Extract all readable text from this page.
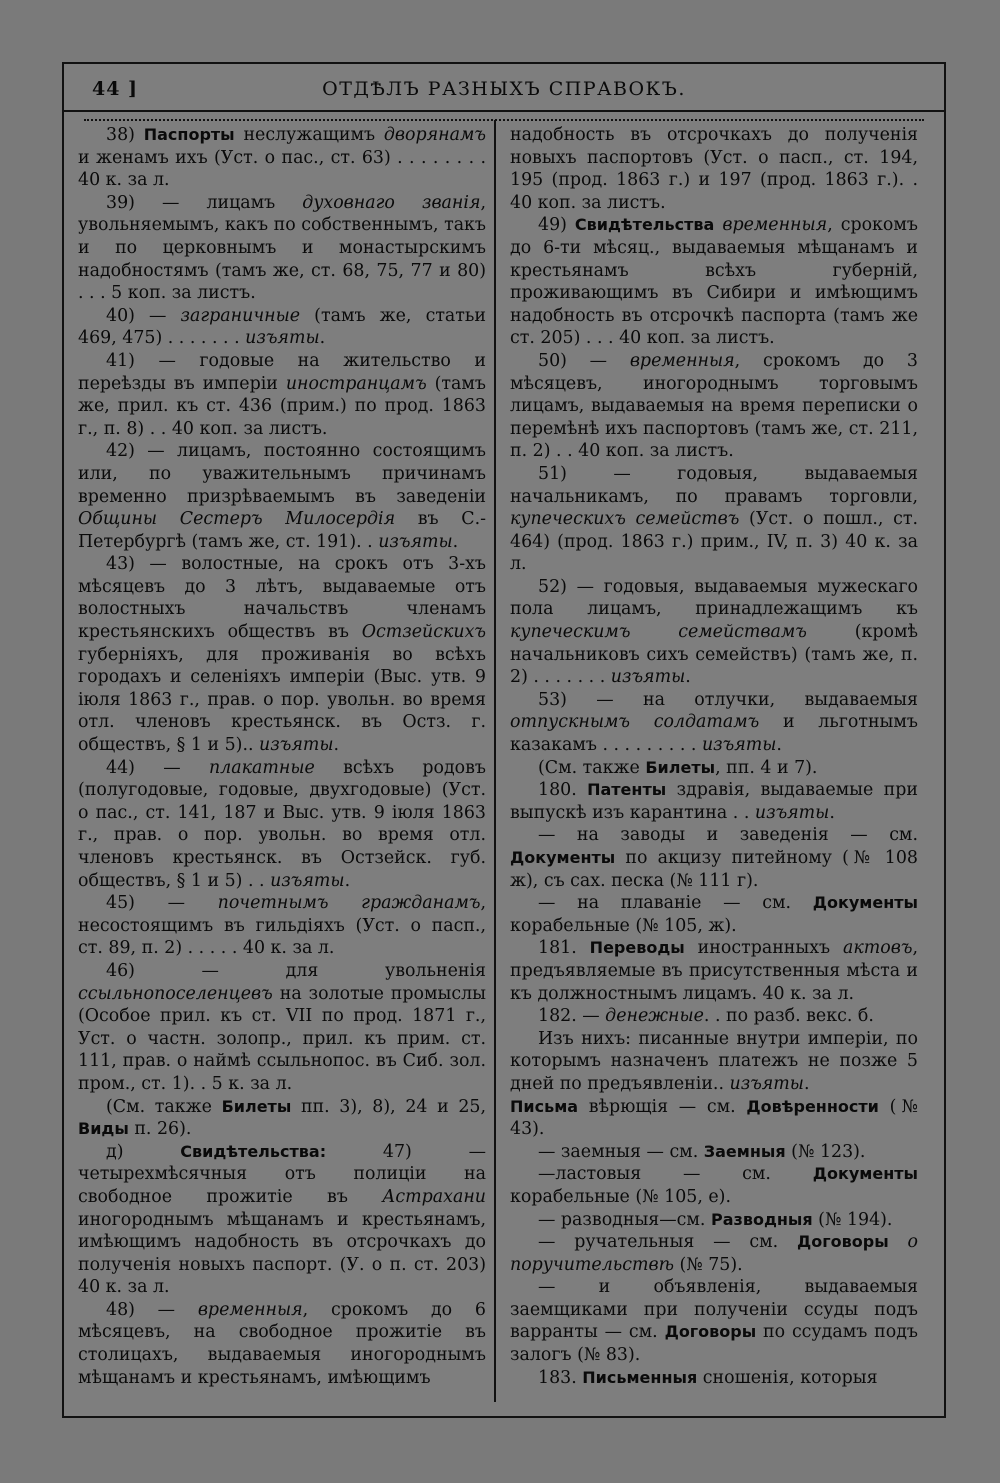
44 ]	ОТДѢЛЪ РАЗНЫХЪ СПРАВОКЪ.

38) Паспорты неслужащимъ дворянамъ и женамъ ихъ (Уст. о пас., ст. 63) . . . . . . . . 40 к. за л.

39) — лицамъ духовнаго званія, увольняемымъ, какъ по собственнымъ, такъ и по церковнымъ и монастырскимъ надобностямъ (тамъ же, ст. 68, 75, 77 и 80) . . . 5 коп. за листъ.

40) — заграничные (тамъ же, статьи 469, 475) . . . . . . . изъяты.

41) — годовые на жительство и переѣзды въ имперіи иностранцамъ (тамъ же, прил. къ ст. 436 (прим.) по прод. 1863 г., п. 8) . . 40 коп. за листъ.

42) — лицамъ, постоянно состоящимъ или, по уважительнымъ причинамъ временно призрѣваемымъ въ заведеніи Общины Сестеръ Милосердія въ С.-Петербургѣ (тамъ же, ст. 191). . изъяты.

43) — волостные, на срокъ отъ 3-хъ мѣсяцевъ до 3 лѣтъ, выдаваемые отъ волостныхъ начальствъ членамъ крестьянскихъ обществъ въ Остзейскихъ губерніяхъ, для проживанія во всѣхъ городахъ и селеніяхъ имперіи (Выс. утв. 9 іюля 1863 г., прав. о пор. увольн. во время отл. членовъ крестьянск. въ Остз. г. обществъ, § 1 и 5).. изъяты.

44) — плакатные всѣхъ родовъ (полугодовые, годовые, двухгодовые) (Уст. о пас., ст. 141, 187 и Выс. утв. 9 іюля 1863 г., прав. о пор. увольн. во время отл. членовъ крестьянск. въ Остзейск. губ. обществъ, § 1 и 5) . . изъяты.

45) — почетнымъ гражданамъ, несостоящимъ въ гильдіяхъ (Уст. о пасп., ст. 89, п. 2) . . . . . 40 к. за л.

46) — для увольненія ссыльнопоселенцевъ на золотые промыслы (Особое прил. къ ст. VII по прод. 1871 г., Уст. о частн. золопр., прил. къ прим. ст. 111, прав. о наймѣ ссыльнопос. въ Сиб. зол. пром., ст. 1). . 5 к. за л.

(См. также Билеты пп. 3), 8), 24 и 25, Виды п. 26).

д) Свидѣтельства: 47) — четырехмѣсячныя отъ полиціи на свободное прожитіе въ Астрахани иногороднымъ мѣщанамъ и крестьянамъ, имѣющимъ надобность въ отсрочкахъ до полученія новыхъ паспорт. (У. о п. ст. 203) 40 к. за л.

48) — временныя, срокомъ до 6 мѣсяцевъ, на свободное прожитіе въ столицахъ, выдаваемыя иногороднымъ мѣщанамъ и крестьянамъ, имѣющимъ

надобность въ отсрочкахъ до полученія новыхъ паспортовъ (Уст. о пасп., ст. 194, 195 (прод. 1863 г.) и 197 (прод. 1863 г.). . 40 коп. за листъ.

49) Свидѣтельства временныя, срокомъ до 6-ти мѣсяц., выдаваемыя мѣщанамъ и крестьянамъ всѣхъ губерній, проживающимъ въ Сибири и имѣющимъ надобность въ отсрочкѣ паспорта (тамъ же ст. 205) . . . 40 коп. за листъ.

50) — временныя, срокомъ до 3 мѣсяцевъ, иногороднымъ торговымъ лицамъ, выдаваемыя на время переписки о перемѣнѣ ихъ паспортовъ (тамъ же, ст. 211, п. 2) . . 40 коп. за листъ.

51) — годовыя, выдаваемыя начальникамъ, по правамъ торговли, купеческихъ семействъ (Уст. о пошл., ст. 464) (прод. 1863 г.) прим., IV, п. 3) 40 к. за л.

52) — годовыя, выдаваемыя мужескаго пола лицамъ, принадлежащимъ къ купеческимъ семействамъ (кромѣ начальниковъ сихъ семействъ) (тамъ же, п. 2) . . . . . . . изъяты.

53) — на отлучки, выдаваемыя отпускнымъ солдатамъ и льготнымъ казакамъ . . . . . . . . . изъяты.

(См. также Билеты, пп. 4 и 7).

180. Патенты здравія, выдаваемые при выпускѣ изъ карантина . . изъяты.

— на заводы и заведенія — см. Документы по акцизу питейному (№ 108 ж), съ сах. песка (№ 111 г).

— на плаваніе — см. Документы корабельные (№ 105, ж).

181. Переводы иностранныхъ актовъ, предъявляемые въ присутственныя мѣста и къ должностнымъ лицамъ. 40 к. за л.

182. — денежные. . по разб. векс. б.

Изъ нихъ: писанные внутри имперіи, по которымъ назначенъ платежъ не позже 5 дней по предъявленіи.. изъяты.

Письма вѣрющія — см. Довѣренности (№ 43).

— заемныя — см. Заемныя (№ 123).

—ластовыя — см. Документы корабельные (№ 105, е).

— разводныя—см. Разводныя (№ 194).

— ручательныя — см. Договоры о поручительствѣ (№ 75).

— и объявленія, выдаваемыя заемщиками при полученіи ссуды подъ варранты — см. Договоры по ссудамъ подъ залогъ (№ 83).

183. Письменныя сношенія, которыя
